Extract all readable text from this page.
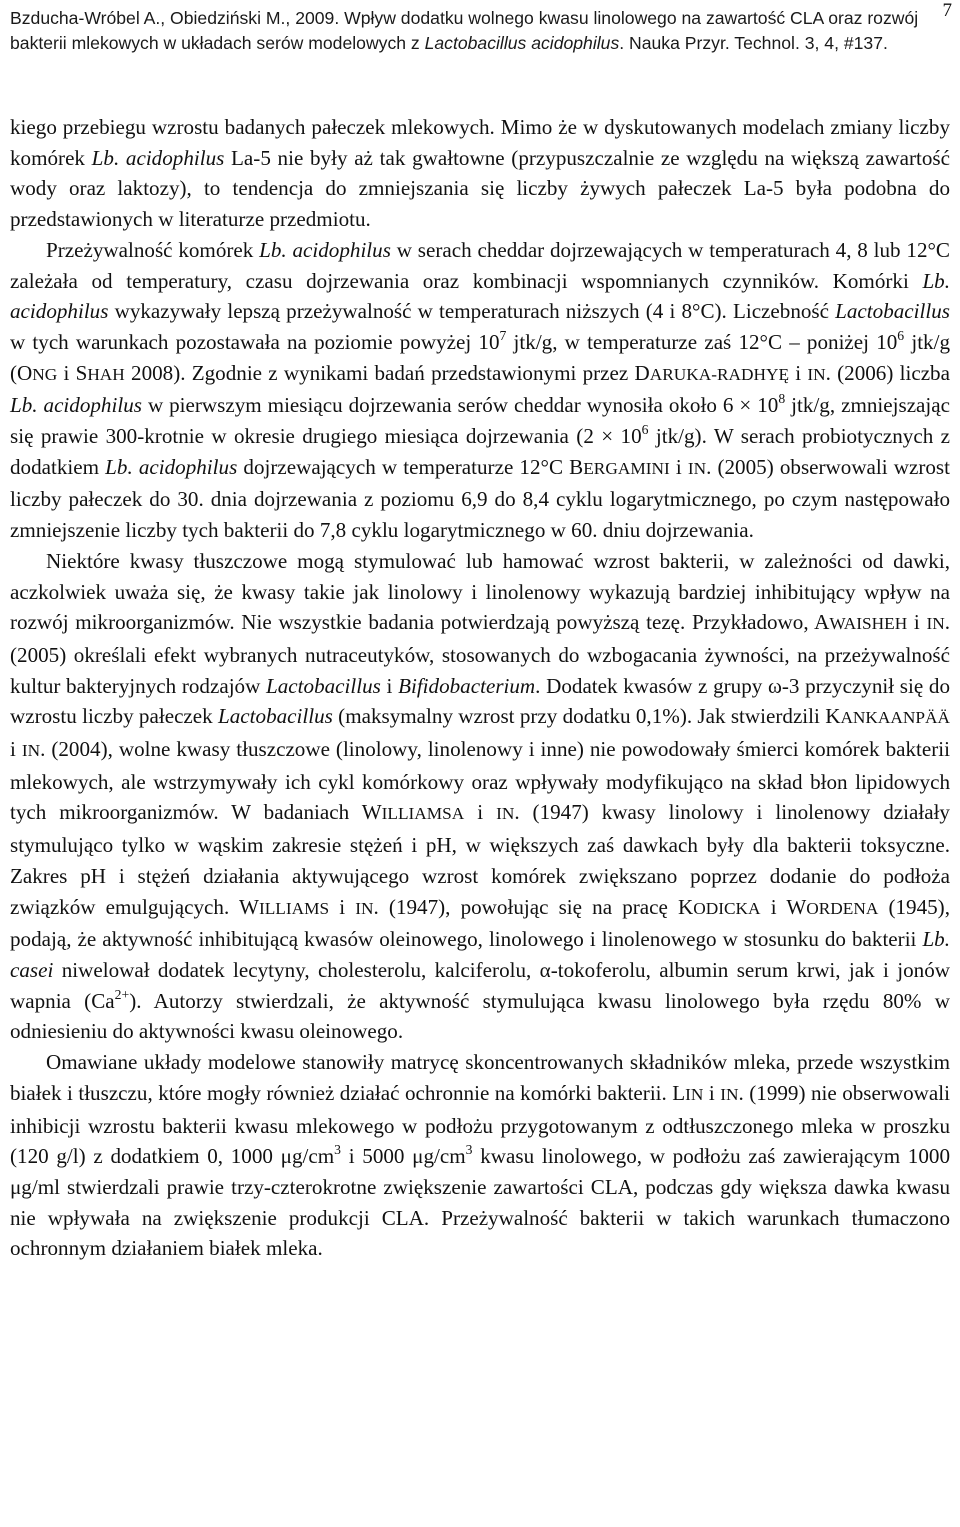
Bzducha-Wróbel A., Obiedziński M., 2009. Wpływ dodatku wolnego kwasu linolowego na zawartość CLA oraz rozwój
bakterii mlekowych w układach serów modelowych z Lactobacillus acidophilus. Nauka Przyr. Technol. 3, 4, #137.
7

kiego przebiegu wzrostu badanych pałeczek mlekowych. Mimo że w dyskutowanych modelach zmiany liczby komórek Lb. acidophilus La-5 nie były aż tak gwałtowne (przypuszczalnie ze względu na większą zawartość wody oraz laktozy), to tendencja do zmniejszania się liczby żywych pałeczek La-5 była podobna do przedstawionych w literaturze przedmiotu.

Przeżywalność komórek Lb. acidophilus w serach cheddar dojrzewających w temperaturach 4, 8 lub 12°C zależała od temperatury, czasu dojrzewania oraz kombinacji wspomnianych czynników. Komórki Lb. acidophilus wykazywały lepszą przeżywalność w temperaturach niższych (4 i 8°C). Liczebność Lactobacillus w tych warunkach pozostawała na poziomie powyżej $10^7$ jtk/g, w temperaturze zaś 12°C – poniżej $10^6$ jtk/g (ONG i SHAH 2008). Zgodnie z wynikami badań przedstawionymi przez DARUKA-RADHYĘ i IN. (2006) liczba Lb. acidophilus w pierwszym miesiącu dojrzewania serów cheddar wynosiła około $6 \times 10^8$ jtk/g, zmniejszając się prawie 300-krotnie w okresie drugiego miesiąca dojrzewania ($2 \times 10^6$ jtk/g). W serach probiotycznych z dodatkiem Lb. acidophilus dojrzewających w temperaturze 12°C BERGAMINI i IN. (2005) obserwowali wzrost liczby pałeczek do 30. dnia dojrzewania z poziomu 6,9 do 8,4 cyklu logarytmicznego, po czym następowało zmniejszenie liczby tych bakterii do 7,8 cyklu logarytmicznego w 60. dniu dojrzewania.

Niektóre kwasy tłuszczowe mogą stymulować lub hamować wzrost bakterii, w zależności od dawki, aczkolwiek uważa się, że kwasy takie jak linolowy i linolenowy wykazują bardziej inhibitujący wpływ na rozwój mikroorganizmów. Nie wszystkie badania potwierdzają powyższą tezę. Przykładowo, AWAISHEH i IN. (2005) określali efekt wybranych nutraceutyków, stosowanych do wzbogacania żywności, na przeżywalność kultur bakteryjnych rodzajów Lactobacillus i Bifidobacterium. Dodatek kwasów z grupy ω-3 przyczynił się do wzrostu liczby pałeczek Lactobacillus (maksymalny wzrost przy dodatku 0,1%). Jak stwierdzili KANKAANPÄÄ i IN. (2004), wolne kwasy tłuszczowe (linolowy, linolenowy i inne) nie powodowały śmierci komórek bakterii mlekowych, ale wstrzymywały ich cykl komórkowy oraz wpływały modyfikująco na skład błon lipidowych tych mikroorganizmów. W badaniach WILLIAMSA i IN. (1947) kwasy linolowy i linolenowy działały stymulująco tylko w wąskim zakresie stężeń i pH, w większych zaś dawkach były dla bakterii toksyczne. Zakres pH i stężeń działania aktywującego wzrost komórek zwiększano poprzez dodanie do podłoża związków emulgujących. WILLIAMS i IN. (1947), powołując się na pracę KODICKA i WORDENA (1945), podają, że aktywność inhibitującą kwasów oleinowego, linolowego i linolenowego w stosunku do bakterii Lb. casei niwelował dodatek lecytyny, cholesterolu, kalciferolu, α-tokoferolu, albumin serum krwi, jak i jonów wapnia $(Ca^{2+})$. Autorzy stwierdzali, że aktywność stymulująca kwasu linolowego była rzędu 80% w odniesieniu do aktywności kwasu oleinowego.

Omawiane układy modelowe stanowiły matrycę skoncentrowanych składników mleka, przede wszystkim białek i tłuszczu, które mogły również działać ochronnie na komórki bakterii. LIN i IN. (1999) nie obserwowali inhibicji wzrostu bakterii kwasu mlekowego w podłożu przygotowanym z odtłuszczonego mleka w proszku (120 g/l) z dodatkiem 0, 1000 $\mu g/cm^3$ i 5000 $\mu g/cm^3$ kwasu linolowego, w podłożu zaś zawierającym 1000 μg/ml stwierdzali prawie trzy-czterokrotne zwiększenie zawartości CLA, podczas gdy większa dawka kwasu nie wpływała na zwiększenie produkcji CLA. Przeżywalność bakterii w takich warunkach tłumaczono ochronnym działaniem białek mleka.
